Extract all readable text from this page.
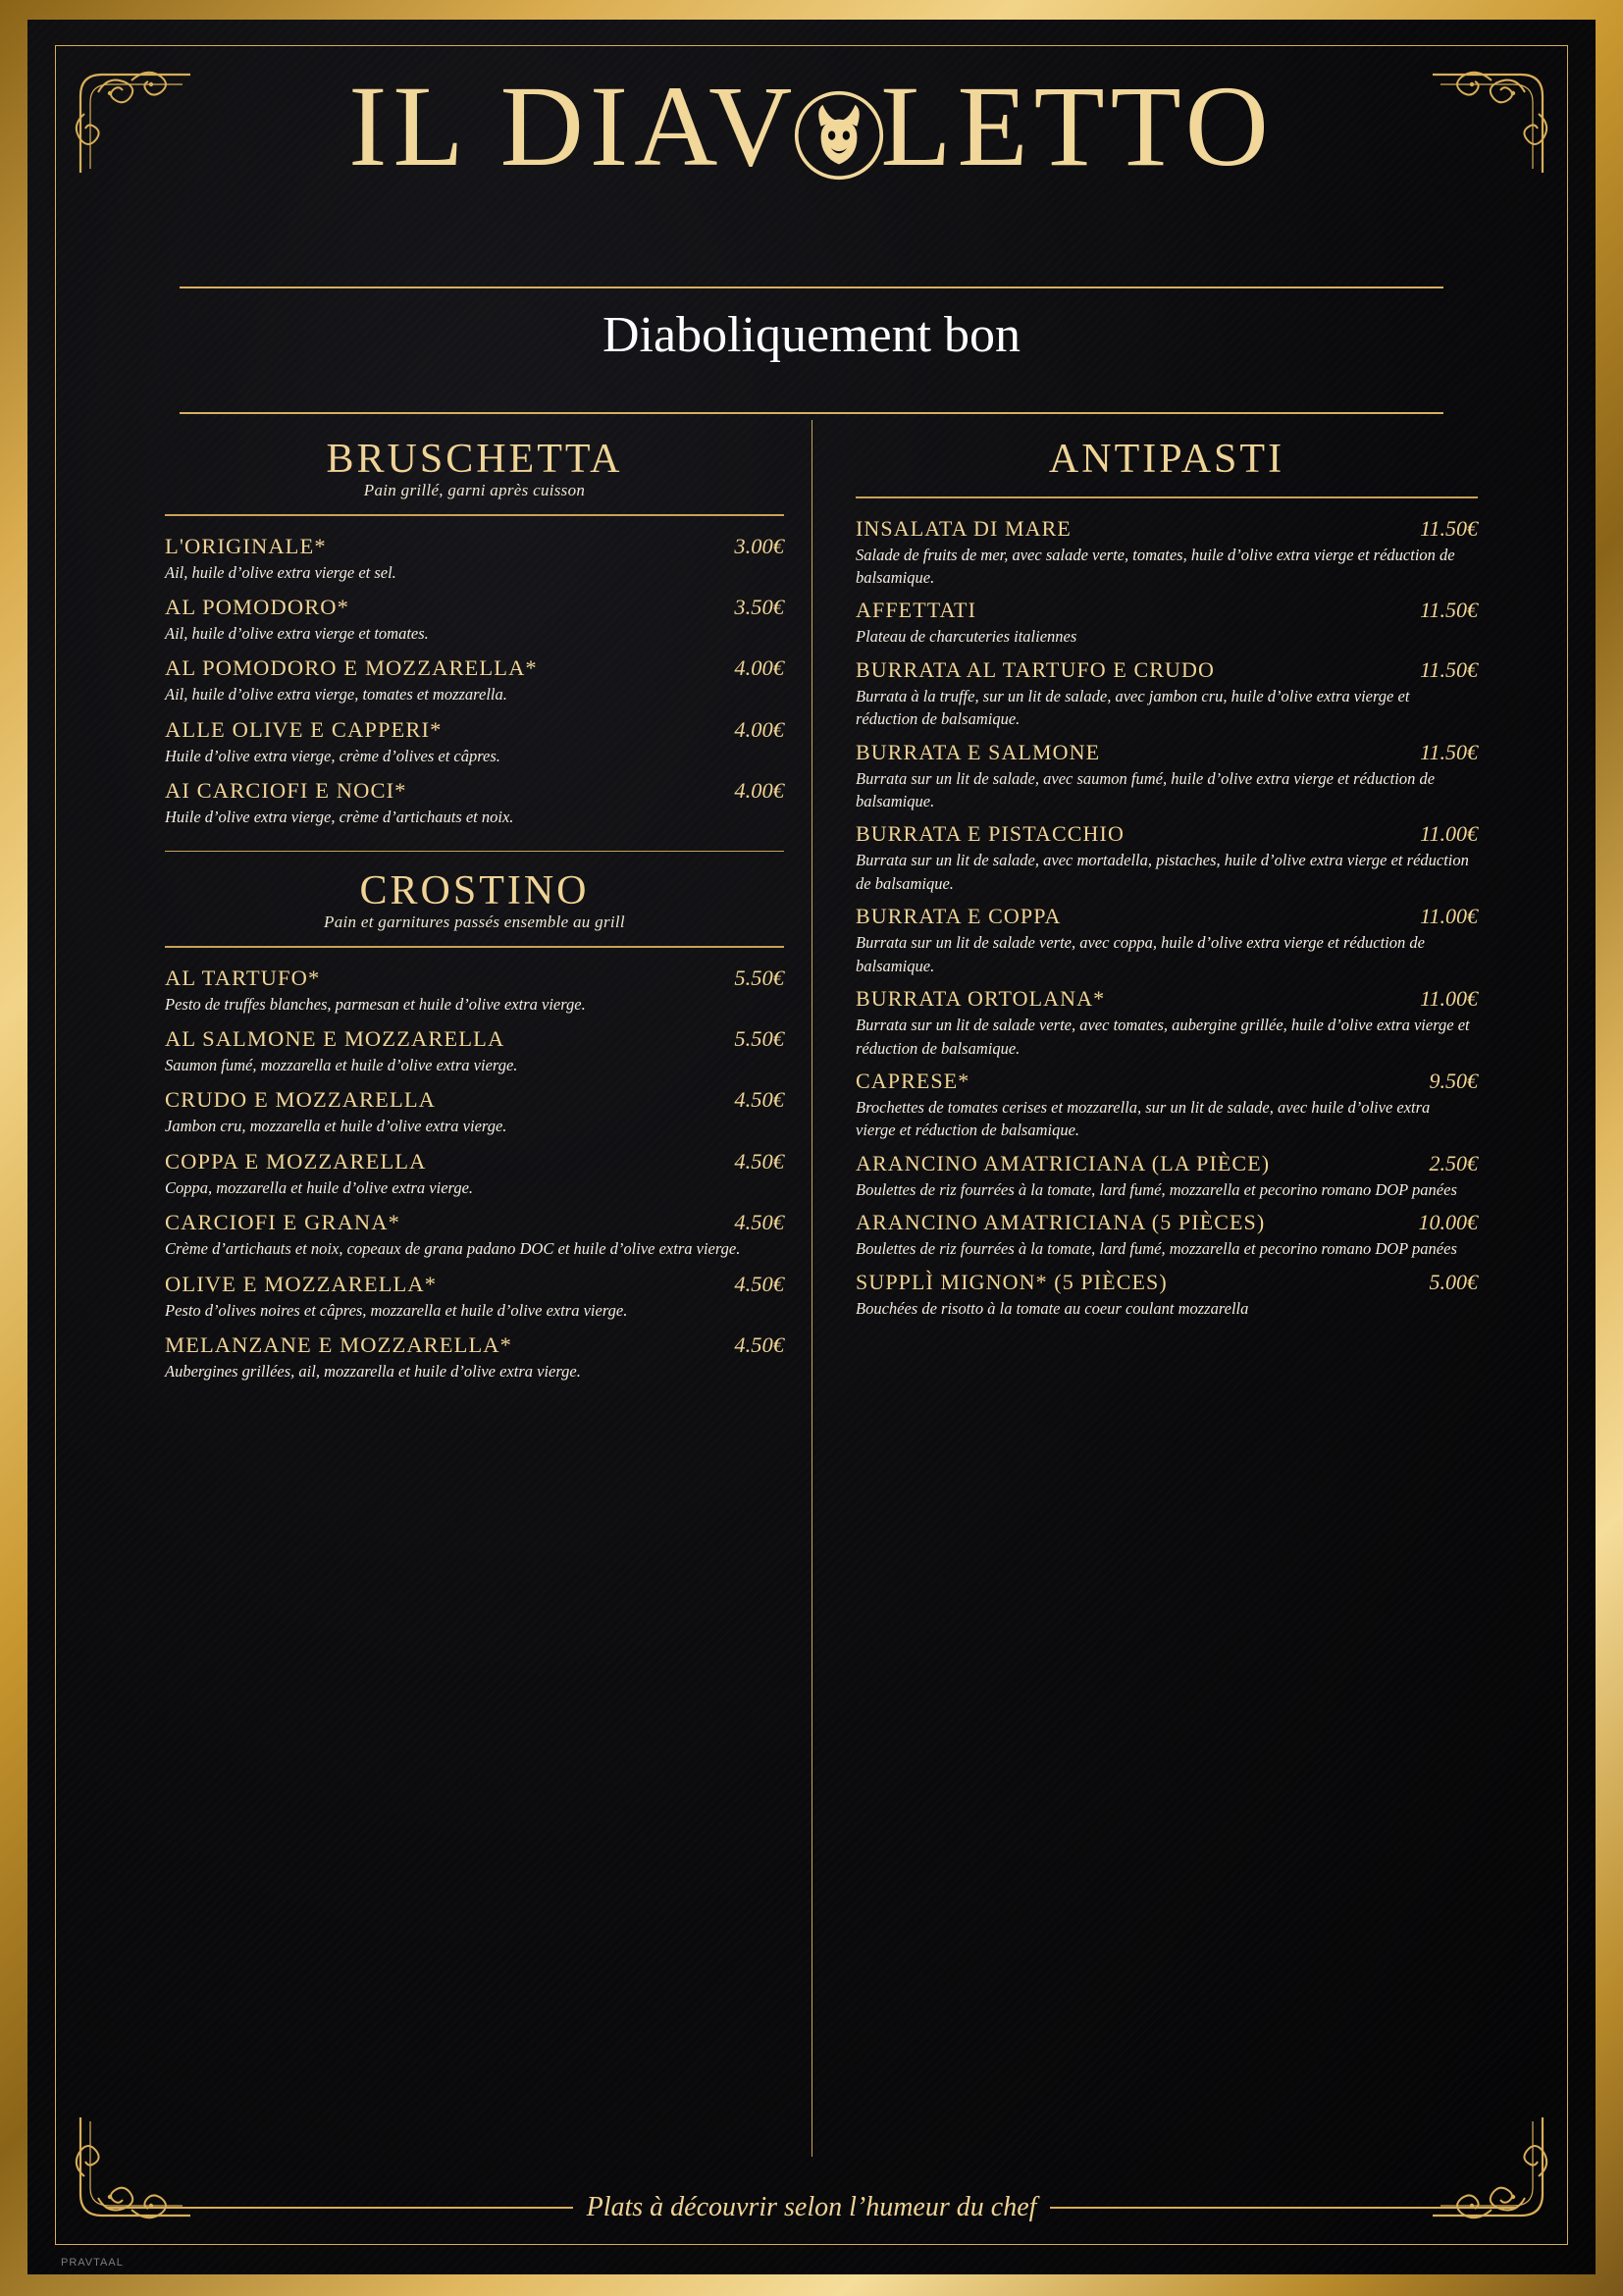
IL DIAV LETTO
Diaboliquement bon
BRUSCHETTA
Pain grillé, garni après cuisson
L'ORIGINALE*	3.00€
Ail, huile d’olive extra vierge et sel.
AL POMODORO*	3.50€
Ail, huile d’olive extra vierge et tomates.
AL POMODORO E MOZZARELLA*	4.00€
Ail, huile d’olive extra vierge, tomates et mozzarella.
ALLE OLIVE E CAPPERI*	4.00€
Huile d’olive extra vierge, crème d’olives et câpres.
AI CARCIOFI E NOCI*	4.00€
Huile d’olive extra vierge, crème d’artichauts et noix.
CROSTINO
Pain et garnitures passés ensemble au grill
AL TARTUFO*	5.50€
Pesto de truffes blanches, parmesan et huile d’olive extra vierge.
AL SALMONE E MOZZARELLA	5.50€
Saumon fumé, mozzarella et huile d’olive extra vierge.
CRUDO E MOZZARELLA	4.50€
Jambon cru, mozzarella et huile d’olive extra vierge.
COPPA E MOZZARELLA	4.50€
Coppa, mozzarella et huile d’olive extra vierge.
CARCIOFI E GRANA*	4.50€
Crème d’artichauts et noix, copeaux de grana padano DOC et huile d’olive extra vierge.
OLIVE E MOZZARELLA*	4.50€
Pesto d’olives noires et câpres, mozzarella et huile d’olive extra vierge.
MELANZANE E MOZZARELLA*	4.50€
Aubergines grillées, ail, mozzarella et huile d’olive extra vierge.
ANTIPASTI
INSALATA DI MARE	11.50€
Salade de fruits de mer, avec salade verte, tomates, huile d’olive extra vierge et réduction de balsamique.
AFFETTATI	11.50€
Plateau de charcuteries italiennes
BURRATA AL TARTUFO E CRUDO	11.50€
Burrata à la truffe, sur un lit de salade, avec jambon cru, huile d’olive extra vierge et réduction de balsamique.
BURRATA E SALMONE	11.50€
Burrata sur un lit de salade, avec saumon fumé, huile d’olive extra vierge et réduction de balsamique.
BURRATA E PISTACCHIO	11.00€
Burrata sur un lit de salade, avec mortadella, pistaches, huile d’olive extra vierge et réduction de balsamique.
BURRATA E COPPA	11.00€
Burrata sur un lit de salade verte, avec coppa, huile d’olive extra vierge et réduction de balsamique.
BURRATA ORTOLANA*	11.00€
Burrata sur un lit de salade verte, avec tomates, aubergine grillée, huile d’olive extra vierge et réduction de balsamique.
CAPRESE*	9.50€
Brochettes de tomates cerises et mozzarella, sur un lit de salade, avec huile d’olive extra vierge et réduction de balsamique.
ARANCINO AMATRICIANA (LA PIÈCE)	2.50€
Boulettes de riz fourrées à la tomate, lard fumé, mozzarella et pecorino romano DOP panées
ARANCINO AMATRICIANA (5 PIÈCES)	10.00€
Boulettes de riz fourrées à la tomate, lard fumé, mozzarella et pecorino romano DOP panées
SUPPLÌ MIGNON* (5 PIÈCES)	5.00€
Bouchées de risotto à la tomate au coeur coulant mozzarella
Plats à découvrir selon l’humeur du chef
PRAVTAAL
